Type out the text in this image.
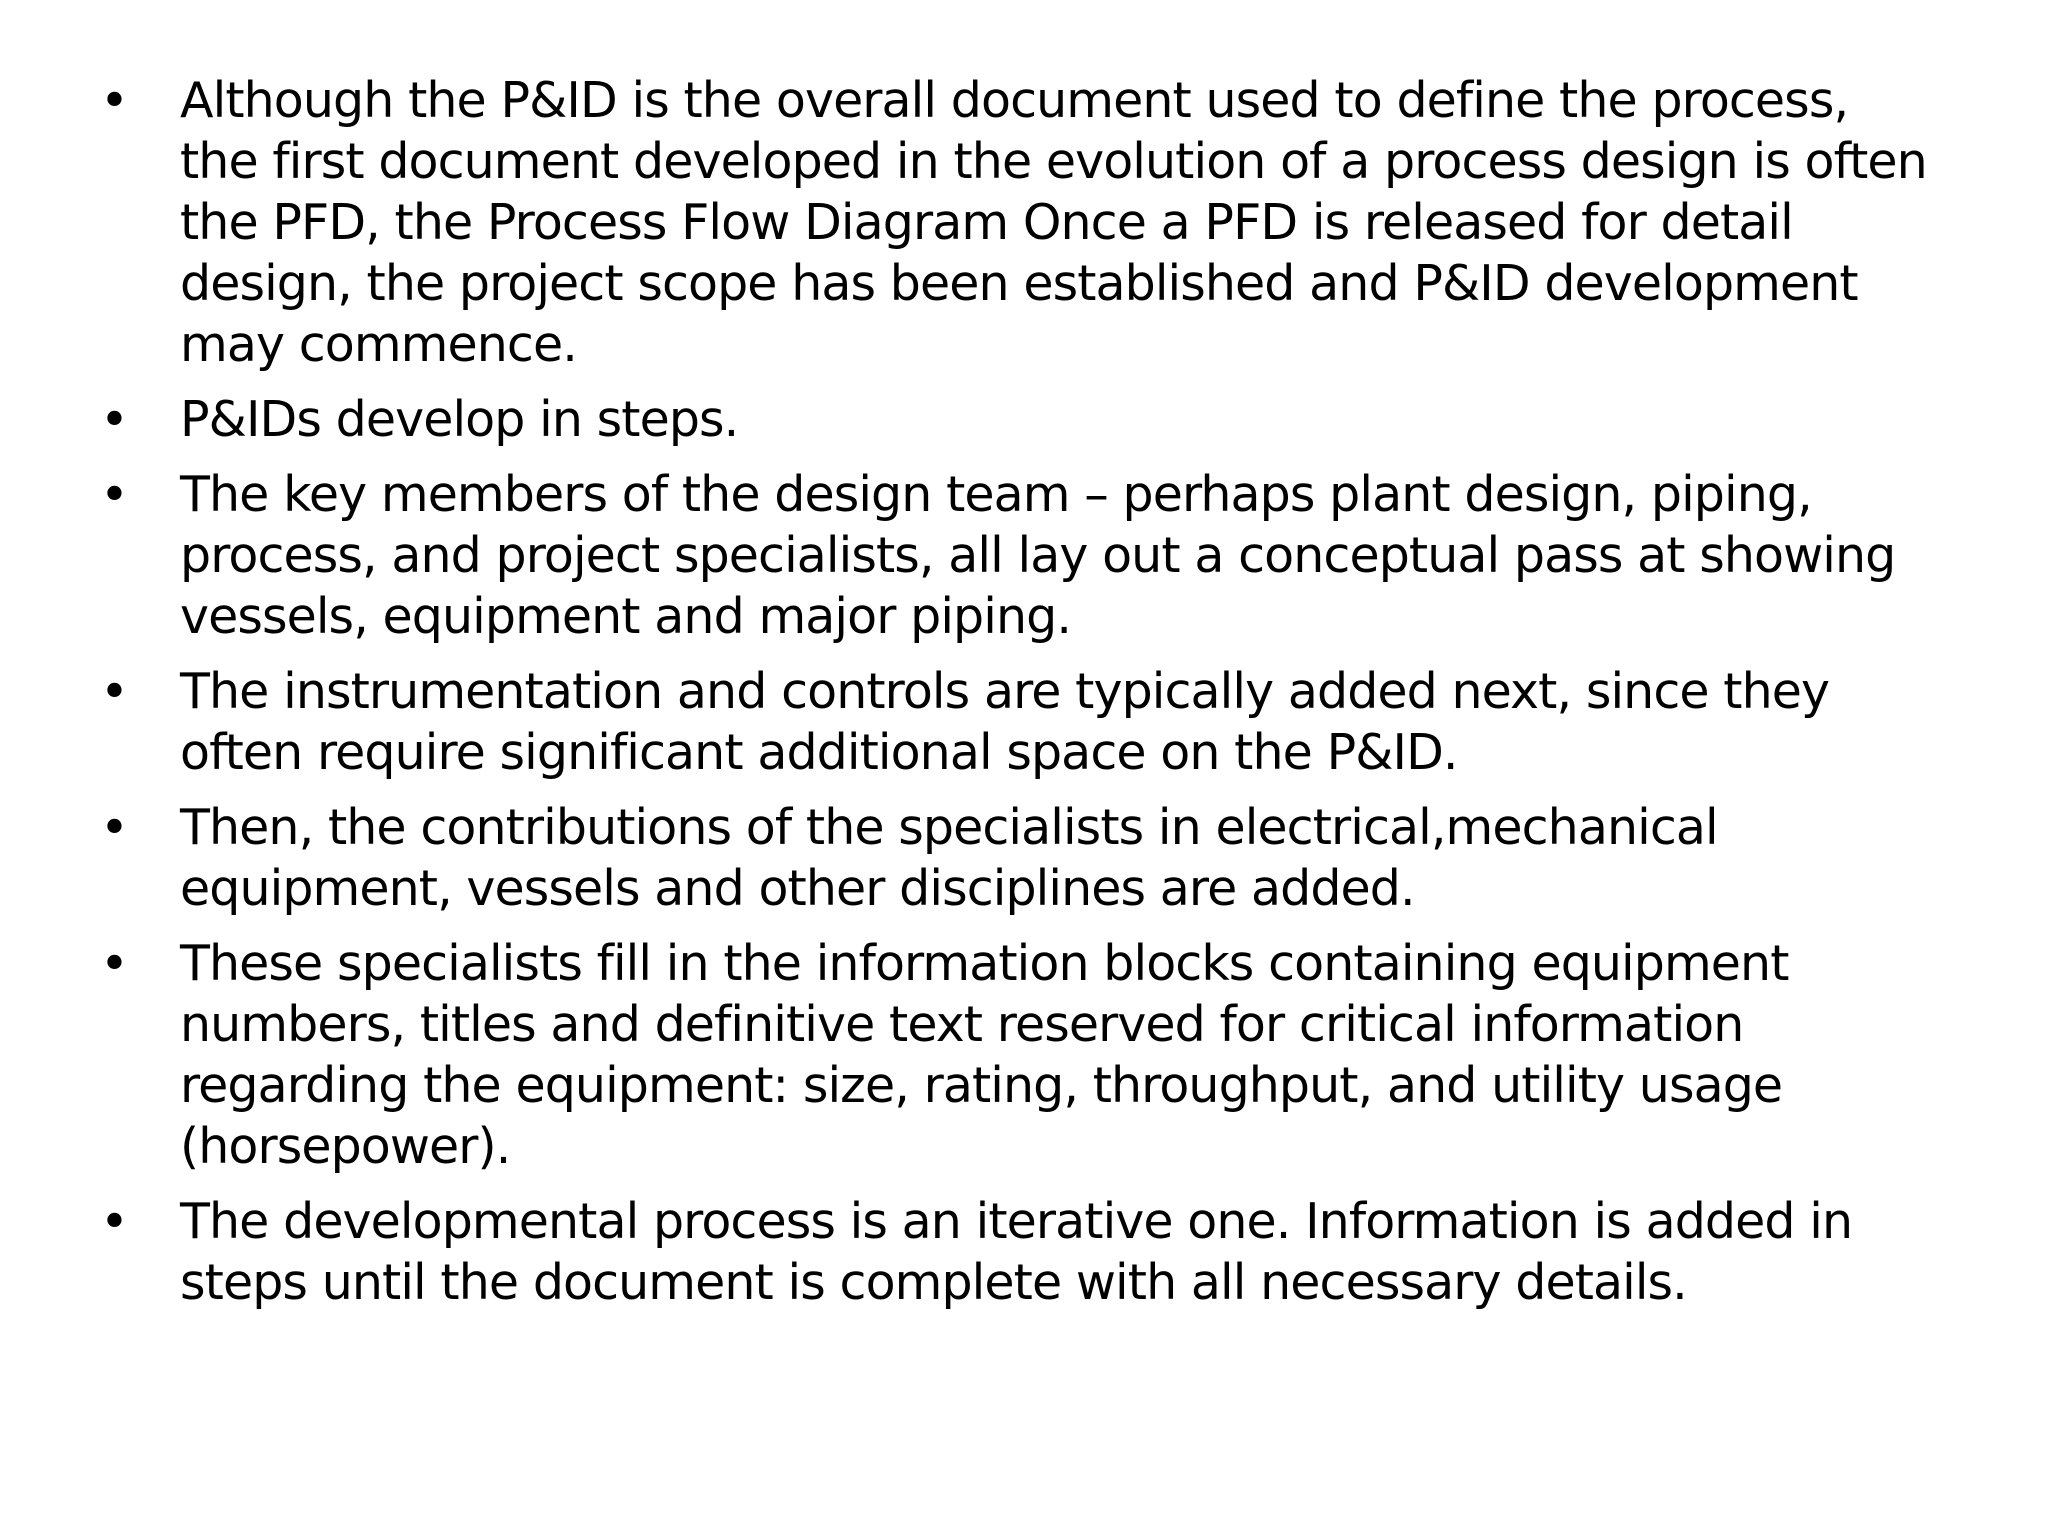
• Although the P&ID is the overall document used to define the process, the first document developed in the evolution of a process design is often the PFD, the Process Flow Diagram Once a PFD is released for detail design, the project scope has been established and P&ID development may commence.
• P&IDs develop in steps.
• The key members of the design team – perhaps plant design, piping, process, and project specialists, all lay out a conceptual pass at showing vessels, equipment and major piping.
• The instrumentation and controls are typically added next, since they often require significant additional space on the P&ID.
• Then, the contributions of the specialists in electrical,mechanical equipment, vessels and other disciplines are added.
• These specialists fill in the information blocks containing equipment numbers, titles and definitive text reserved for critical information regarding the equipment: size, rating, throughput, and utility usage (horsepower).
• The developmental process is an iterative one. Information is added in steps until the document is complete with all necessary details.
